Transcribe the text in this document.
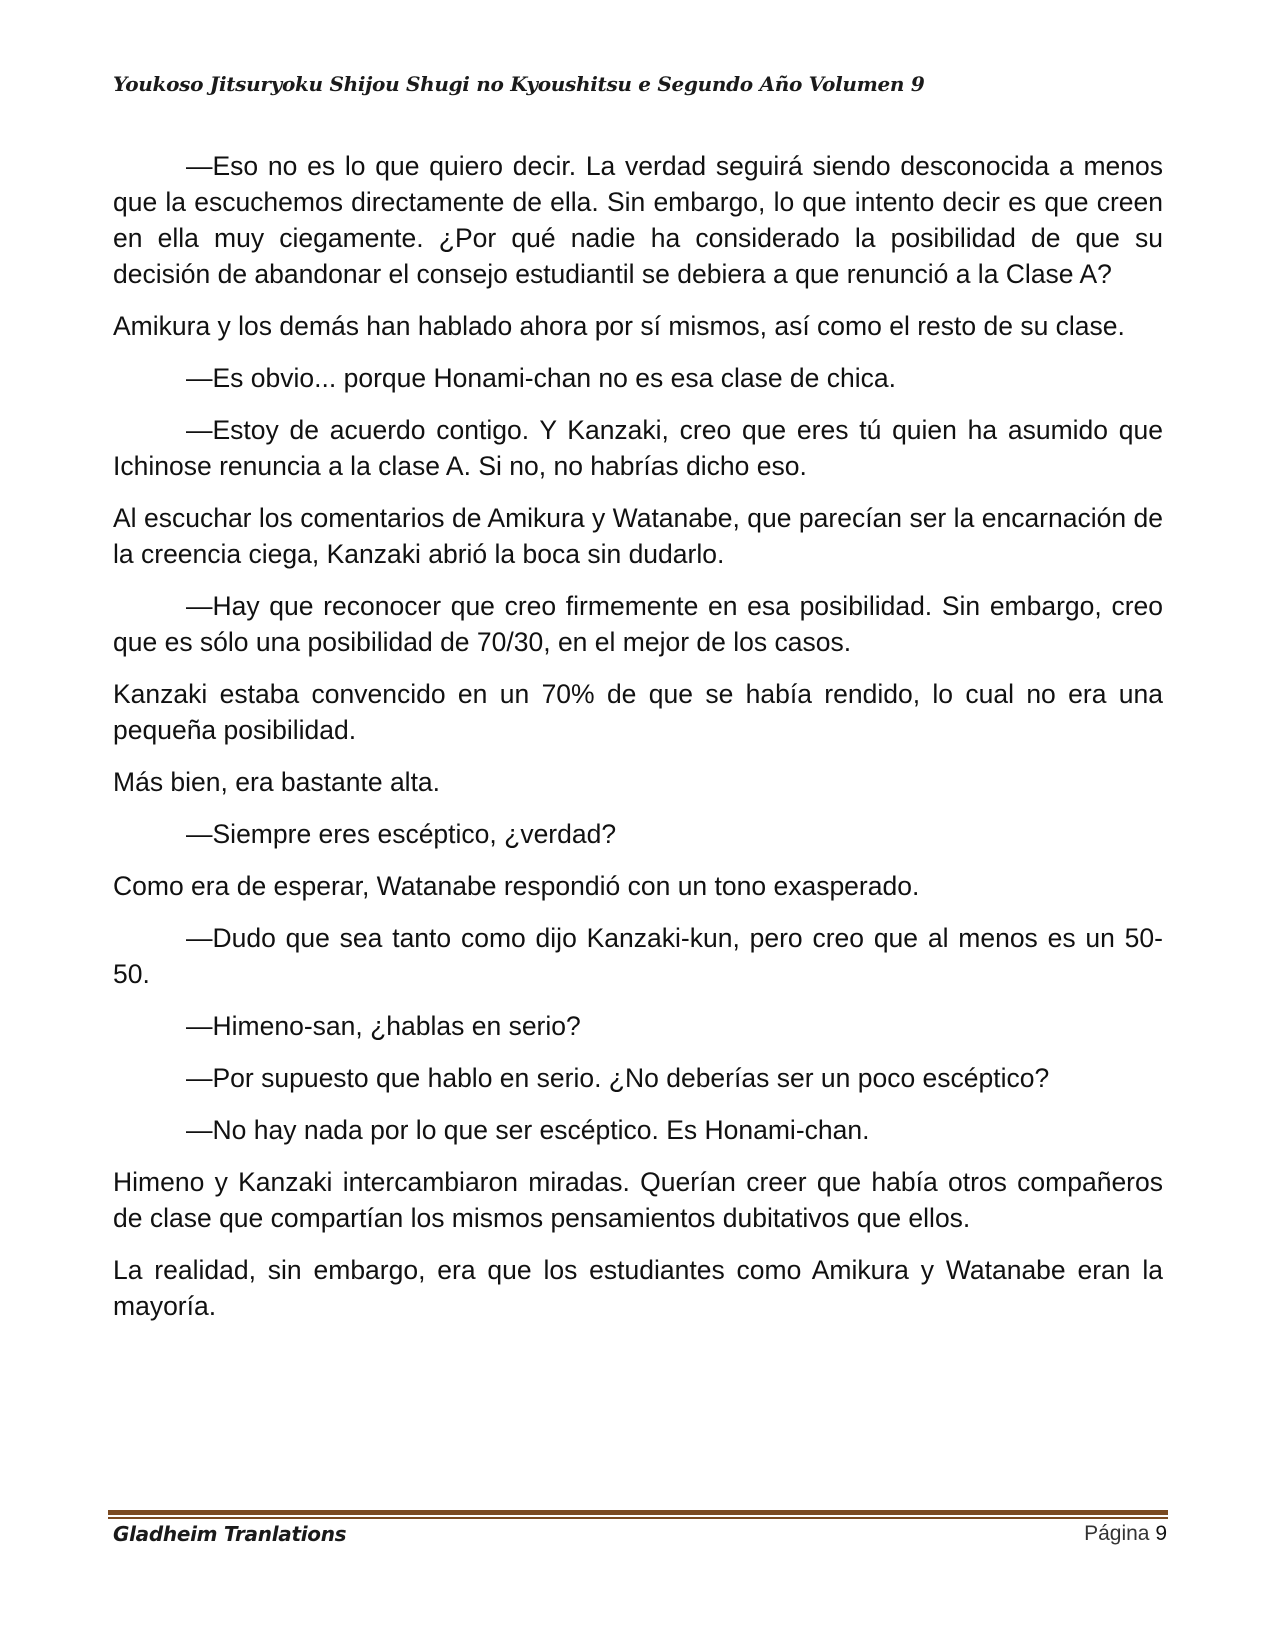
Youkoso Jitsuryoku Shijou Shugi no Kyoushitsu e Segundo Año Volumen 9

—Eso no es lo que quiero decir. La verdad seguirá siendo desconocida a menos que la escuchemos directamente de ella. Sin embargo, lo que intento decir es que creen en ella muy ciegamente. ¿Por qué nadie ha considerado la posibilidad de que su decisión de abandonar el consejo estudiantil se debiera a que renunció a la Clase A?

Amikura y los demás han hablado ahora por sí mismos, así como el resto de su clase.

—Es obvio... porque Honami-chan no es esa clase de chica.

—Estoy de acuerdo contigo. Y Kanzaki, creo que eres tú quien ha asumido que Ichinose renuncia a la clase A. Si no, no habrías dicho eso.

Al escuchar los comentarios de Amikura y Watanabe, que parecían ser la encarnación de la creencia ciega, Kanzaki abrió la boca sin dudarlo.

—Hay que reconocer que creo firmemente en esa posibilidad. Sin embargo, creo que es sólo una posibilidad de 70/30, en el mejor de los casos.

Kanzaki estaba convencido en un 70% de que se había rendido, lo cual no era una pequeña posibilidad.

Más bien, era bastante alta.

—Siempre eres escéptico, ¿verdad?

Como era de esperar, Watanabe respondió con un tono exasperado.

—Dudo que sea tanto como dijo Kanzaki-kun, pero creo que al menos es un 50-50.

—Himeno-san, ¿hablas en serio?

—Por supuesto que hablo en serio. ¿No deberías ser un poco escéptico?

—No hay nada por lo que ser escéptico. Es Honami-chan.

Himeno y Kanzaki intercambiaron miradas. Querían creer que había otros compañeros de clase que compartían los mismos pensamientos dubitativos que ellos.

La realidad, sin embargo, era que los estudiantes como Amikura y Watanabe eran la mayoría.

Gladheim Tranlations	Página 9
